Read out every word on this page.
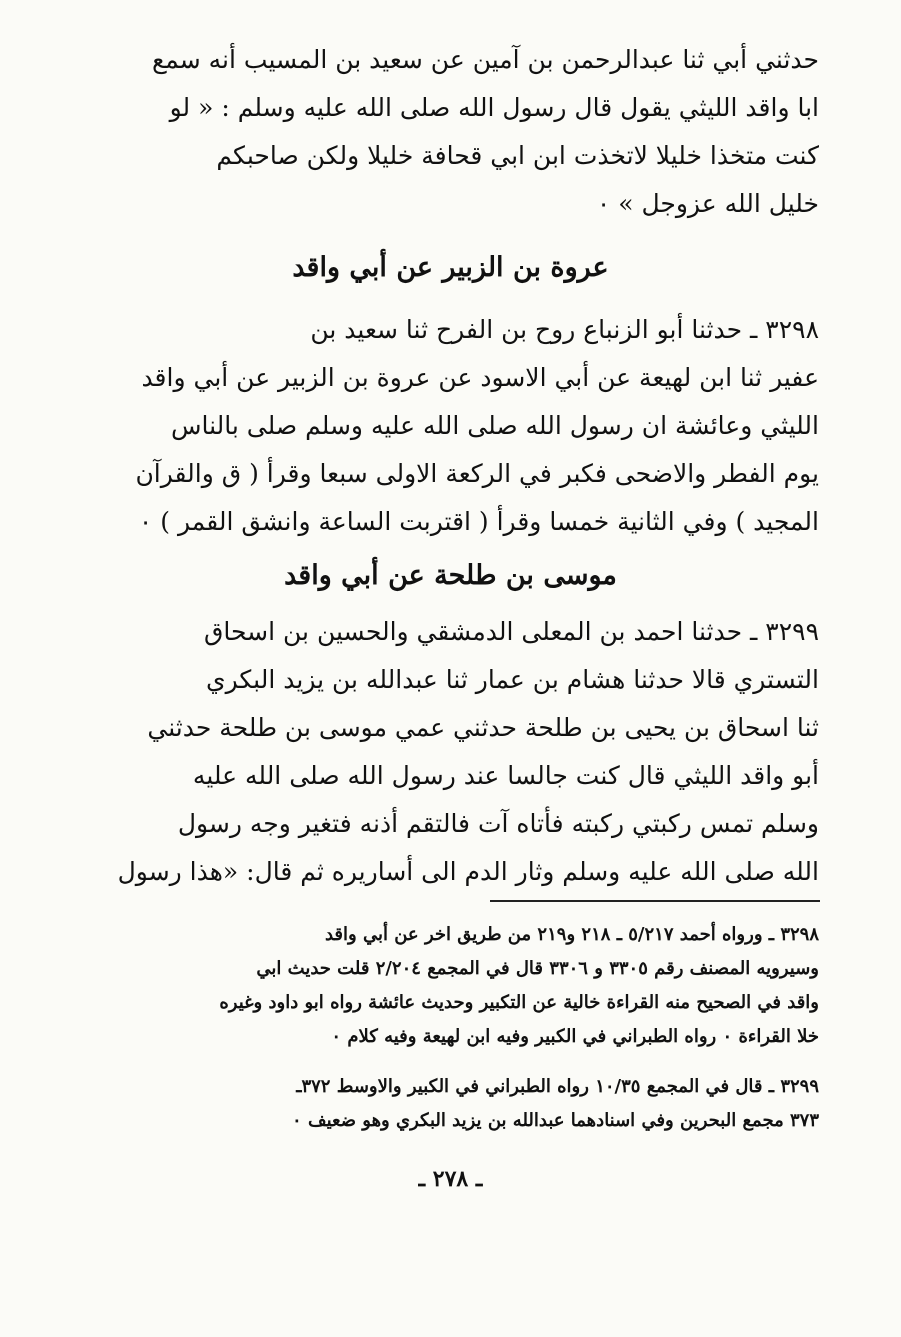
حدثني أبي ثنا عبدالرحمن بن آمين عن سعيد بن المسيب أنه سمع
ابا واقد الليثي يقول قال رسول الله صلى الله عليه وسلم : « لو
كنت متخذا خليلا لاتخذت ابن ابي قحافة خليلا ولكن صاحبكم
خليل الله عزوجل » ٠
عروة بن الزبير عن أبي واقد
٣٢٩٨ ـ حدثنا أبو الزنباع روح بن الفرح ثنا سعيد بن
عفير ثنا ابن لهيعة عن أبي الاسود عن عروة بن الزبير عن أبي واقد
الليثي وعائشة ان رسول الله صلى الله عليه وسلم صلى بالناس
يوم الفطر والاضحى فكبر في الركعة الاولى سبعا وقرأ ( ق والقرآن
المجيد ) وفي الثانية خمسا وقرأ ( اقتربت الساعة وانشق القمر ) ٠
موسى بن طلحة عن أبي واقد
٣٢٩٩ ـ حدثنا احمد بن المعلى الدمشقي والحسين بن اسحاق
التستري قالا حدثنا هشام بن عمار ثنا عبدالله بن يزيد البكري
ثنا اسحاق بن يحيى بن طلحة حدثني عمي موسى بن طلحة حدثني
أبو واقد الليثي قال كنت جالسا عند رسول الله صلى الله عليه
وسلم تمس ركبتي ركبته فأتاه آت فالتقم أذنه فتغير وجه رسول
الله صلى الله عليه وسلم وثار الدم الى أساريره ثم قال: «هذا رسول
٣٢٩٨ ـ ورواه أحمد ٥/٢١٧ ـ ٢١٨ و٢١٩ من طريق اخر عن أبي واقد
وسيرويه المصنف رقم ٣٣٠٥ و ٣٣٠٦ قال في المجمع ٢/٢٠٤ قلت حديث ابي
واقد في الصحيح منه القراءة خالية عن التكبير وحديث عائشة رواه ابو داود وغيره
خلا القراءة ٠ رواه الطبراني في الكبير وفيه ابن لهيعة وفيه كلام ٠
٣٢٩٩ ـ قال في المجمع ١٠/٣٥ رواه الطبراني في الكبير والاوسط ٣٧٢ـ
٣٧٣ مجمع البحرين وفي اسنادهما عبدالله بن يزيد البكري وهو ضعيف ٠
ـ ٢٧٨ ـ
